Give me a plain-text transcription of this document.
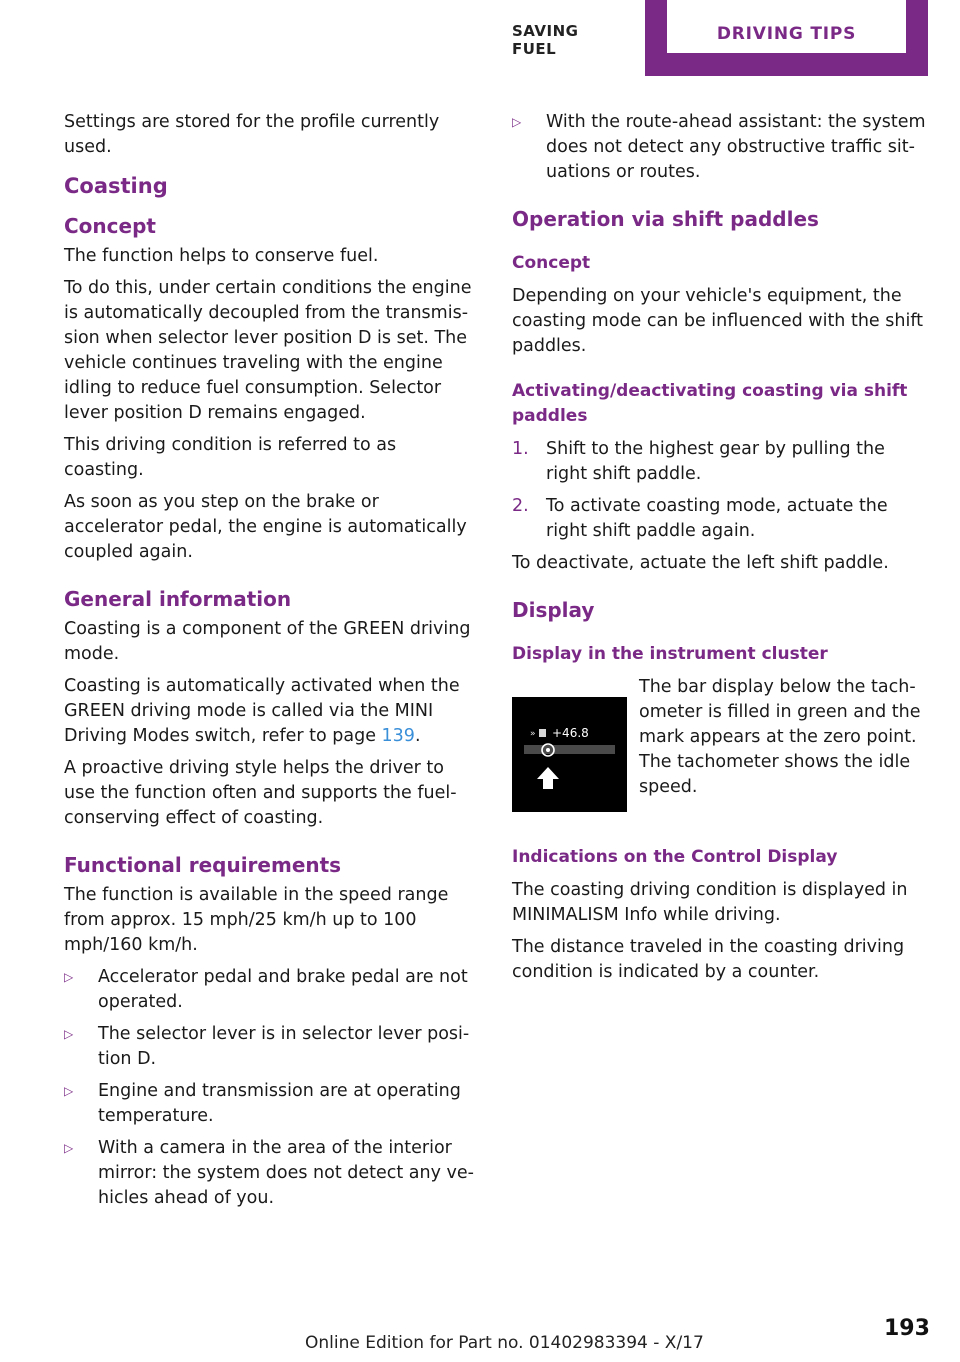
SAVING FUEL
DRIVING TIPS

Settings are stored for the profile currently used.

Coasting
Concept

The function helps to conserve fuel.

To do this, under certain conditions the engine is automatically decoupled from the transmission when selector lever position D is set. The vehicle continues traveling with the engine idling to reduce fuel consumption. Selector lever position D remains engaged.

This driving condition is referred to as coasting.

As soon as you step on the brake or accelerator pedal, the engine is automatically coupled again.

General information

Coasting is a component of the GREEN driving mode.

Coasting is automatically activated when the GREEN driving mode is called via the MINI Driving Modes switch, refer to page 139.

A proactive driving style helps the driver to use the function often and supports the fuel-conserving effect of coasting.

Functional requirements

The function is available in the speed range from approx. 15 mph/25 km/h up to 100 mph/160 km/h.

▷	Accelerator pedal and brake pedal are not operated.
▷	The selector lever is in selector lever position D.
▷	Engine and transmission are at operating temperature.
▷	With a camera in the area of the interior mirror: the system does not detect any vehicles ahead of you.
▷	With the route-ahead assistant: the system does not detect any obstructive traffic situations or routes.
Operation via shift paddles
Concept

Depending on your vehicle's equipment, the coasting mode can be influenced with the shift paddles.

Activating/deactivating coasting via shift paddles
1. Shift to the highest gear by pulling the right shift paddle.
2. To activate coasting mode, actuate the right shift paddle again.

To deactivate, actuate the left shift paddle.

Display
Display in the instrument cluster
» +46.8

The bar display below the tachometer is filled in green and the mark appears at the zero point. The tachometer shows the idle speed.

Indications on the Control Display

The coasting driving condition is displayed in MINIMALISM Info while driving.

The distance traveled in the coasting driving condition is indicated by a counter.

Online Edition for Part no. 01402983394 - X/17
193
